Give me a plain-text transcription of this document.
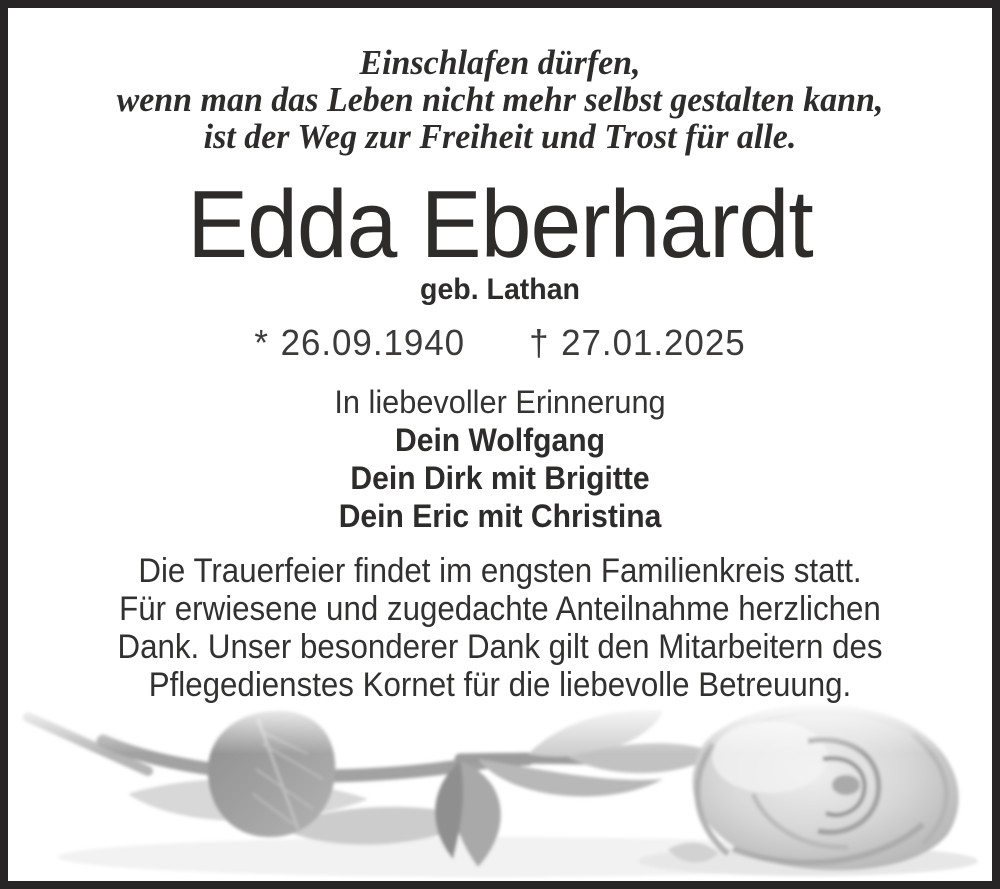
Einschlafen dürfen,
wenn man das Leben nicht mehr selbst gestalten kann,
ist der Weg zur Freiheit und Trost für alle.
Edda Eberhardt
geb. Lathan
* 26.09.1940 † 27.01.2025
In liebevoller Erinnerung
Dein Wolfgang
Dein Dirk mit Brigitte
Dein Eric mit Christina
Die Trauerfeier findet im engsten Familienkreis statt.
Für erwiesene und zugedachte Anteilnahme herzlichen
Dank. Unser besonderer Dank gilt den Mitarbeitern des
Pflegedienstes Kornet für die liebevolle Betreuung.
